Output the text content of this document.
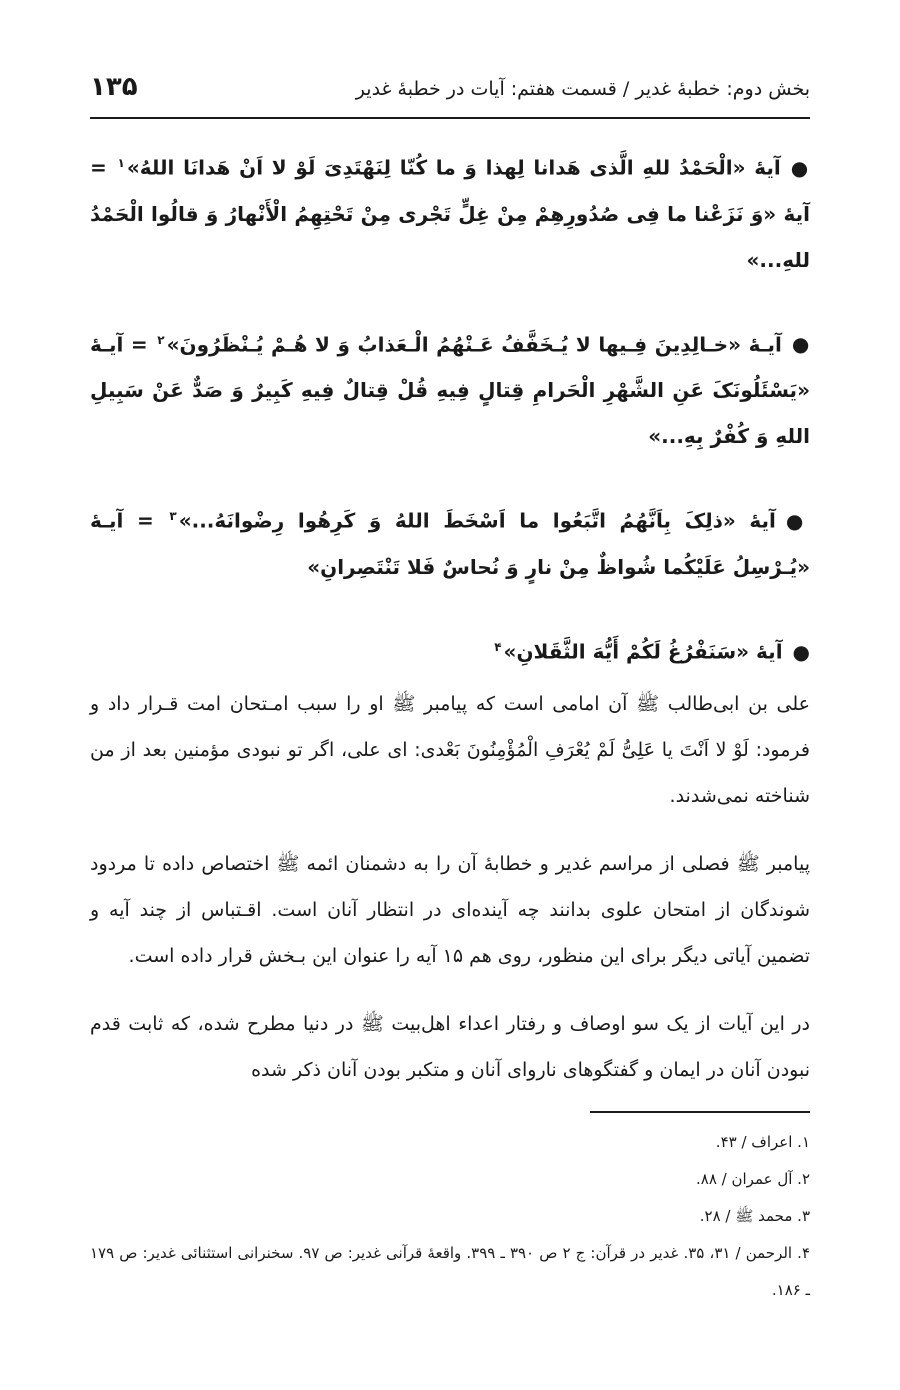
بخش دوم: خطبۀ غدیر / قسمت هفتم: آیات در خطبۀ غدیر
۱۳۵

●آیۀ «الْحَمْدُ للهِ الَّذی هَدانا لِهذا وَ ما کُنّا لِنَهْتَدِیَ لَوْ لا اَنْ هَدانَا اللهُ»$^۱$ = آیۀ «وَ نَزَعْنا ما فِی صُدُورِهِمْ مِنْ غِلٍّ تَجْری مِنْ تَحْتِهِمُ الْأَنْهارُ وَ قالُوا الْحَمْدُ للهِ...»

●آیـۀ «خـالِدِینَ فِـیها لا یُـخَفَّفُ عَـنْهُمُ الْـعَذابُ وَ لا هُـمْ یُـنْظَرُونَ»$^۲$ = آیـۀ «یَسْئَلُونَکَ عَنِ الشَّهْرِ الْحَرامِ قِتالٍ فِیهِ قُلْ قِتالٌ فِیهِ کَبِیرٌ وَ صَدٌّ عَنْ سَبِیلِ اللهِ وَ کُفْرٌ بِهِ...»

●آیۀ «ذلِکَ بِاَنَّهُمُ اتَّبَعُوا ما اَسْخَطَ اللهُ وَ کَرِهُوا رِضْوانَهُ...»$^۳$ = آیـۀ «یُـرْسِلُ عَلَیْکُما شُواظٌ مِنْ نارٍ وَ نُحاسٌ فَلا تَنْتَصِرانِ»

●آیۀ «سَنَفْرُغُ لَکُمْ أَیُّهَ الثَّقَلانِ»$^۴$

علی بن ابی‌طالب ﷺ آن امامی است که پیامبر ﷺ او را سبب امـتحان امت قـرار داد و فرمود: لَوْ لا اَنْتَ یا عَلِیُّ لَمْ یُعْرَفِ الْمُؤْمِنُونَ بَعْدی: ای علی، اگر تو نبودی مؤمنین بعد از من شناخته نمی‌شدند.

پیامبر ﷺ فصلی از مراسم غدیر و خطابۀ آن را به دشمنان ائمه ﷺ اختصاص داده تا مردود شوندگان از امتحان علوی بدانند چه آینده‌ای در انتظار آنان است. اقـتباس از چند آیه و تضمین آیاتی دیگر برای این منظور، روی هم ۱۵ آیه را عنوان این بـخش قرار داده است.

در این آیات از یک سو اوصاف و رفتار اعداء اهل‌بیت ﷺ در دنیا مطرح شده، که ثابت قدم نبودن آنان در ایمان و گفتگوهای ناروای آنان و متکبر بودن آنان ذکر شده

۱. اعراف / ۴۳.

۲. آل عمران / ۸۸.

۳. محمد ﷺ / ۲۸.

۴. الرحمن / ۳۱، ۳۵. غدیر در قرآن: ج ۲ ص ۳۹۰ ـ ۳۹۹. واقعۀ قرآنی غدیر: ص ۹۷. سخنرانی استثنائی غدیر: ص ۱۷۹ ـ ۱۸۶.
